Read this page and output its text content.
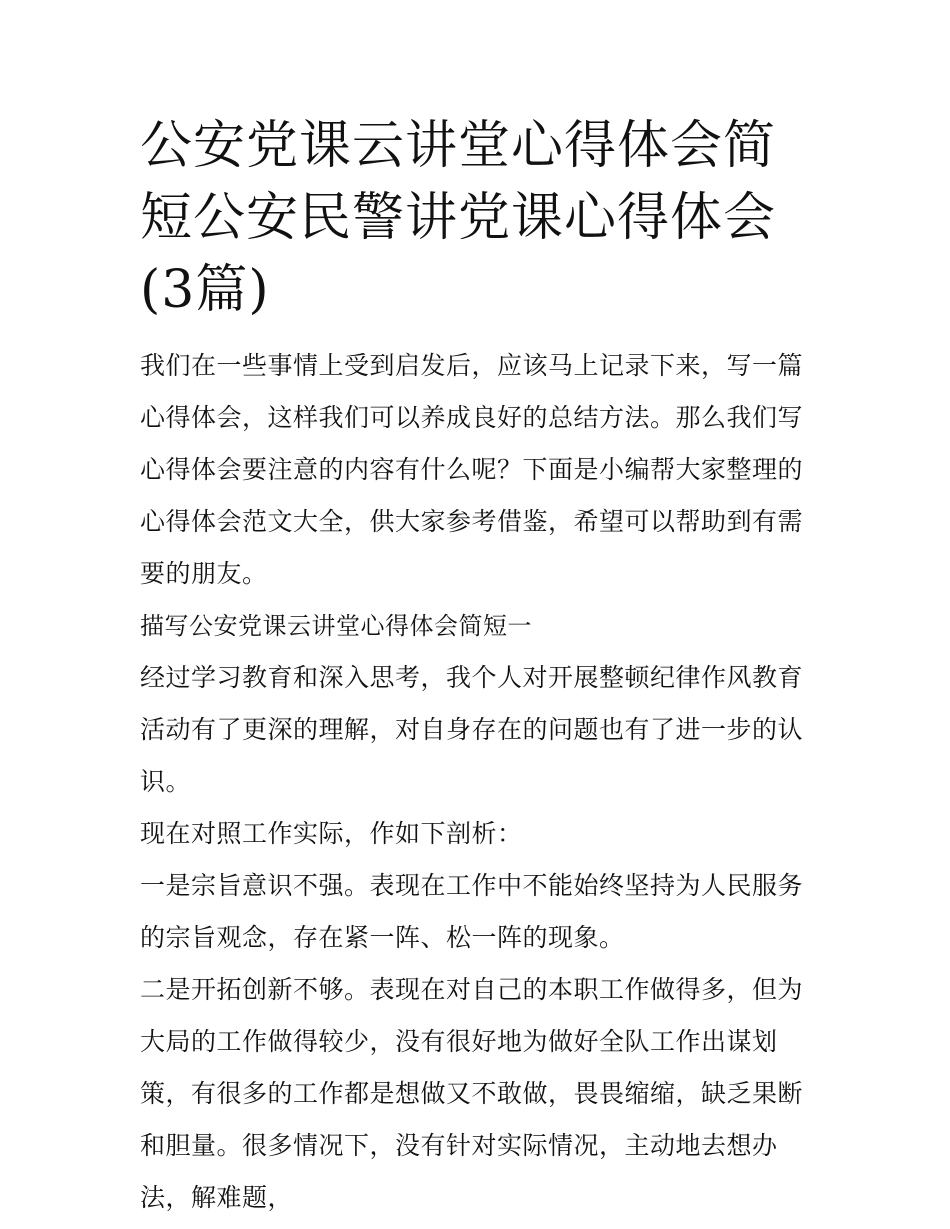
公安党课云讲堂心得体会简短公安民警讲党课心得体会(3篇)

我们在一些事情上受到启发后，应该马上记录下来，写一篇心得体会，这样我们可以养成良好的总结方法。那么我们写心得体会要注意的内容有什么呢？下面是小编帮大家整理的心得体会范文大全，供大家参考借鉴，希望可以帮助到有需要的朋友。

描写公安党课云讲堂心得体会简短一

经过学习教育和深入思考，我个人对开展整顿纪律作风教育活动有了更深的理解，对自身存在的问题也有了进一步的认识。

现在对照工作实际，作如下剖析：

一是宗旨意识不强。表现在工作中不能始终坚持为人民服务的宗旨观念，存在紧一阵、松一阵的现象。

二是开拓创新不够。表现在对自己的本职工作做得多，但为大局的工作做得较少，没有很好地为做好全队工作出谋划策，有很多的工作都是想做又不敢做，畏畏缩缩，缺乏果断和胆量。很多情况下，没有针对实际情况，主动地去想办法，解难题，
